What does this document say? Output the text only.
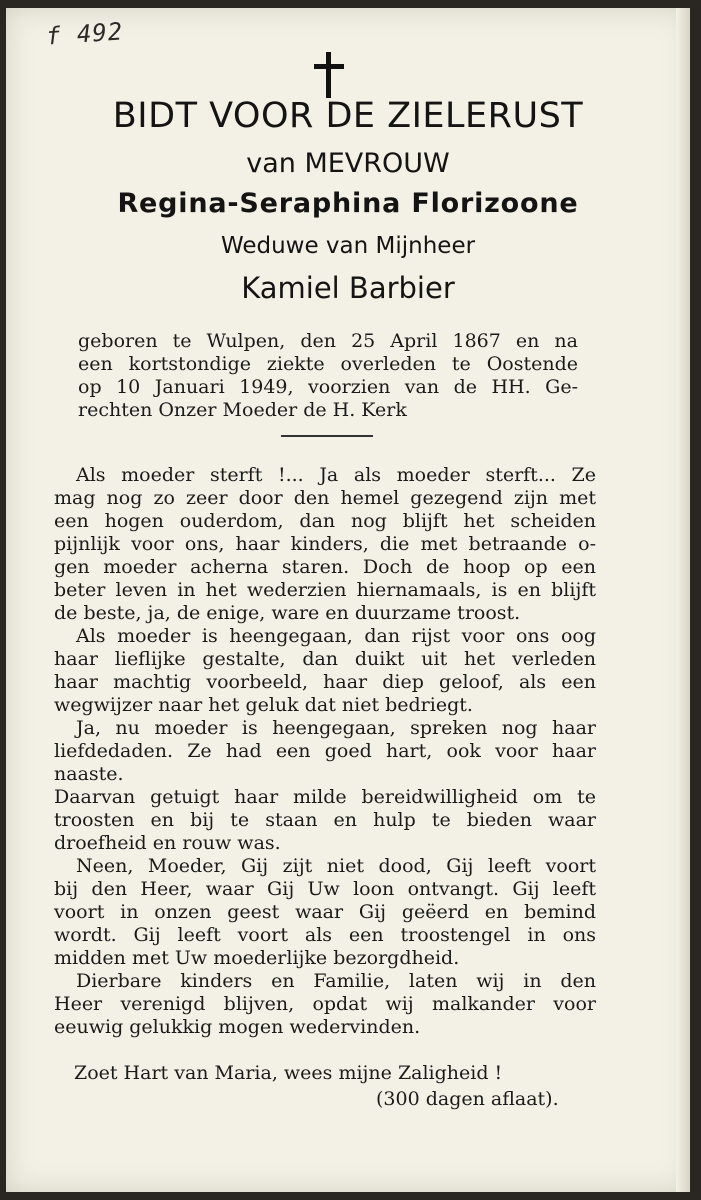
f 492
BIDT VOOR DE ZIELERUST
van MEVROUW
Regina-Seraphina Florizoone
Weduwe van Mijnheer
Kamiel Barbier
geboren te Wulpen, den 25 April 1867 en na
een kortstondige ziekte overleden te Oostende
op 10 Januari 1949, voorzien van de HH. Ge-
rechten Onzer Moeder de H. Kerk
Als moeder sterft !... Ja als moeder sterft... Ze
mag nog zo zeer door den hemel gezegend zijn met
een hogen ouderdom, dan nog blijft het scheiden
pijnlijk voor ons, haar kinders, die met betraande o-
gen moeder acherna staren. Doch de hoop op een
beter leven in het wederzien hiernamaals, is en blijft
de beste, ja, de enige, ware en duurzame troost.
Als moeder is heengegaan, dan rijst voor ons oog
haar lieflijke gestalte, dan duikt uit het verleden
haar machtig voorbeeld, haar diep geloof, als een
wegwijzer naar het geluk dat niet bedriegt.
Ja, nu moeder is heengegaan, spreken nog haar
liefdedaden. Ze had een goed hart, ook voor haar
naaste.
Daarvan getuigt haar milde bereidwilligheid om te
troosten en bij te staan en hulp te bieden waar
droefheid en rouw was.
Neen, Moeder, Gij zijt niet dood, Gij leeft voort
bij den Heer, waar Gij Uw loon ontvangt. Gij leeft
voort in onzen geest waar Gij geëerd en bemind
wordt. Gij leeft voort als een troostengel in ons
midden met Uw moederlijke bezorgdheid.
Dierbare kinders en Familie, laten wij in den
Heer verenigd blijven, opdat wij malkander voor
eeuwig gelukkig mogen wedervinden.
Zoet Hart van Maria, wees mijne Zaligheid !
(300 dagen aflaat).
